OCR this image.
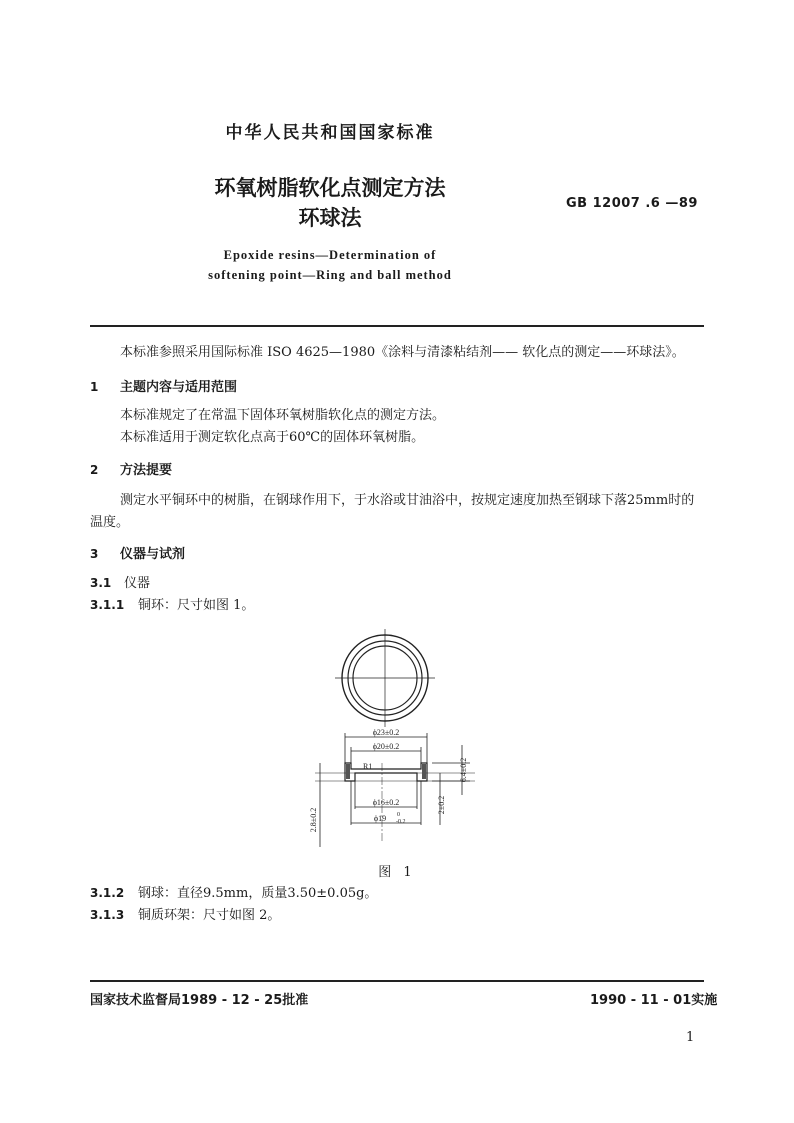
中华人民共和国国家标准
环氧树脂软化点测定方法
环球法
GB 12007 .6 —89
Epoxide resins—Determination of
softening point—Ring and ball method
本标准参照采用国际标准 ISO 4625—1980《涂料与清漆粘结剂—— 软化点的测定——环球法》。
1 主题内容与适用范围
本标准规定了在常温下固体环氧树脂软化点的测定方法。
本标准适用于测定软化点高于60℃的固体环氧树脂。
2 方法提要
测定水平铜环中的树脂，在钢球作用下，于水浴或甘油浴中，按规定速度加热至钢球下落25mm时的温度。
3 仪器与试剂
3.1 仪器
3.1.1 铜环：尺寸如图 1。
ϕ23±0.2
ϕ20±0.2
R1
ϕ16±0.2
ϕ19 0
-0.2
6.4±0.2
2±0.2
2.8±0.2
图 1
3.1.2 钢球：直径9.5mm，质量3.50±0.05g。
3.1.3 铜质环架：尺寸如图 2。
国家技术监督局1989 - 12 - 25批准	1990 - 11 - 01实施
1
